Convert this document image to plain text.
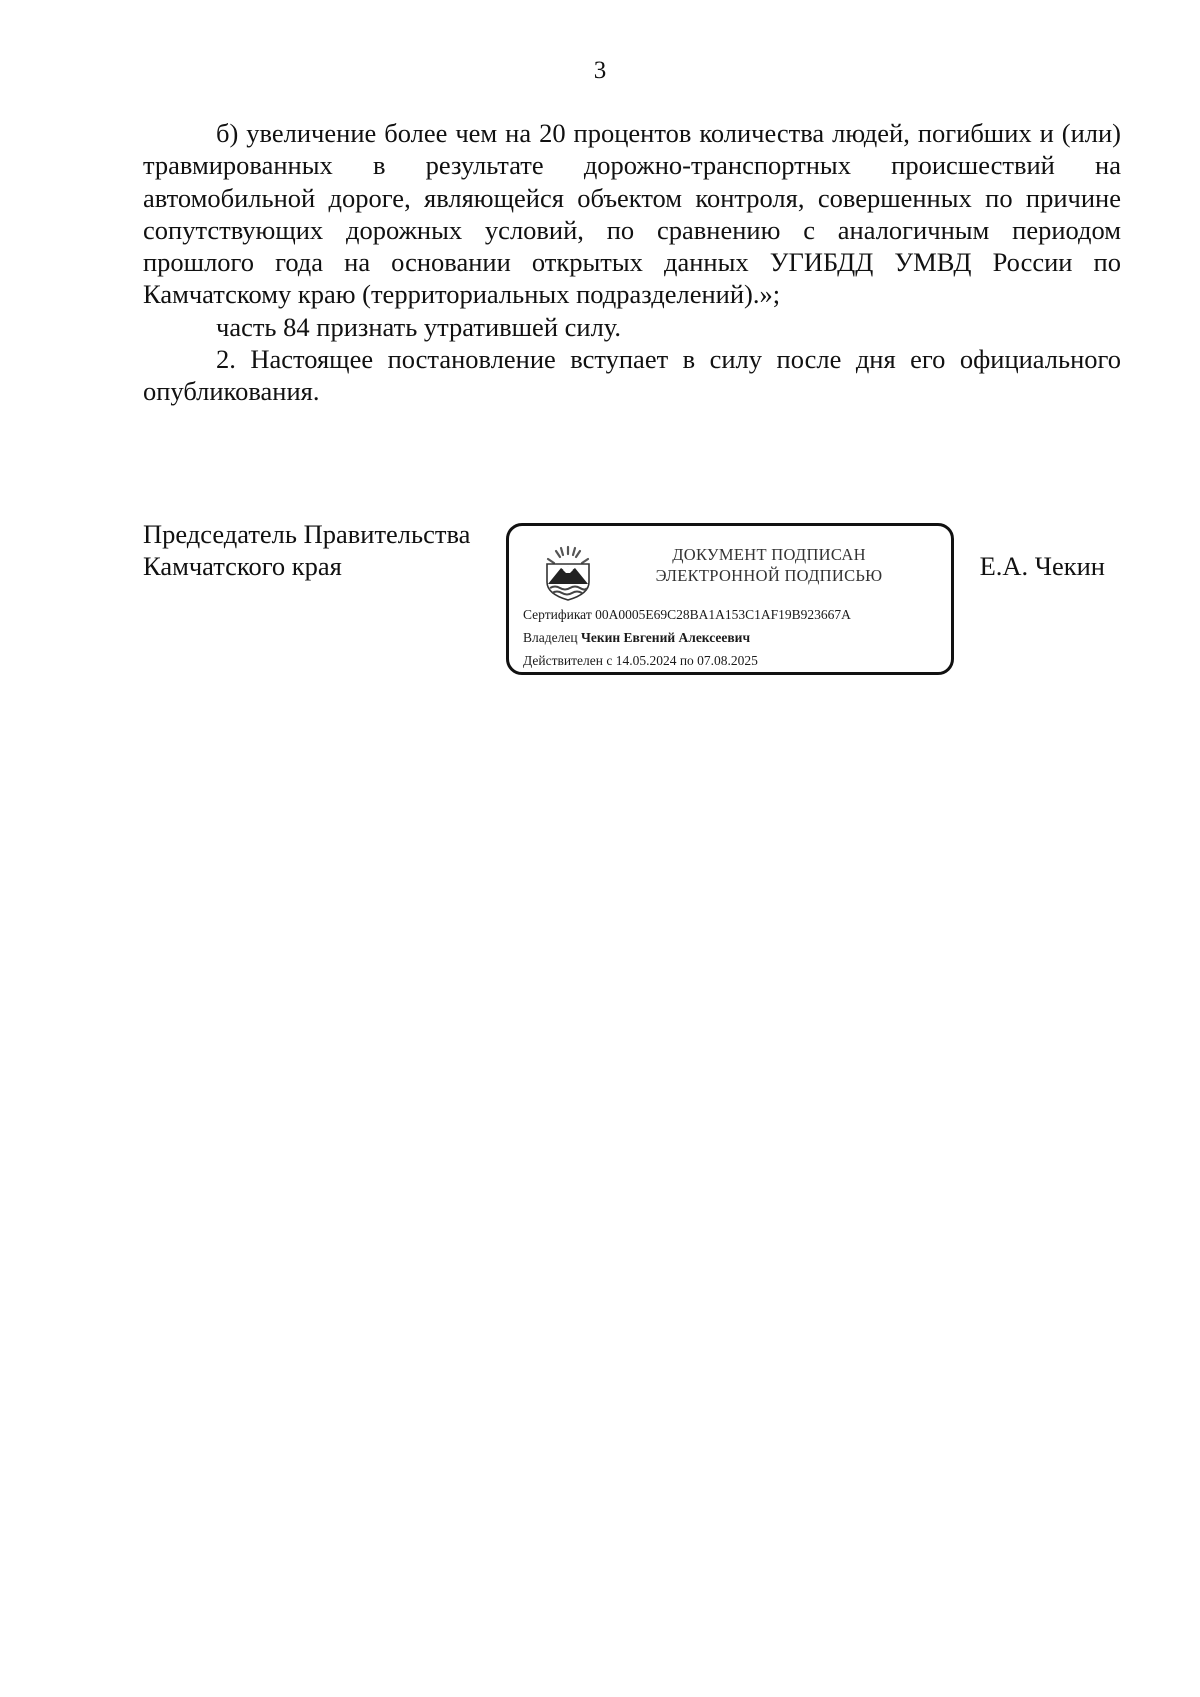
3

б) увеличение более чем на 20 процентов количества людей, погибших и (или) травмированных в результате дорожно-транспортных происшествий на автомобильной дороге, являющейся объектом контроля, совершенных по причине сопутствующих дорожных условий, по сравнению с аналогичным периодом прошлого года на основании открытых данных УГИБДД УМВД России по Камчатскому краю (территориальных подразделений).»;

часть 84 признать утратившей силу.

2. Настоящее постановление вступает в силу после дня его официального опубликования.

Председатель Правительства
Камчатского края	ДОКУМЕНТ ПОДПИСАН
ЭЛЕКТРОННОЙ ПОДПИСЬЮ
Сертификат 00A0005E69C28BA1A153C1AF19B923667A
Владелец Чекин Евгений Алексеевич
Действителен с 14.05.2024 по 07.08.2025
Е.А. Чекин
